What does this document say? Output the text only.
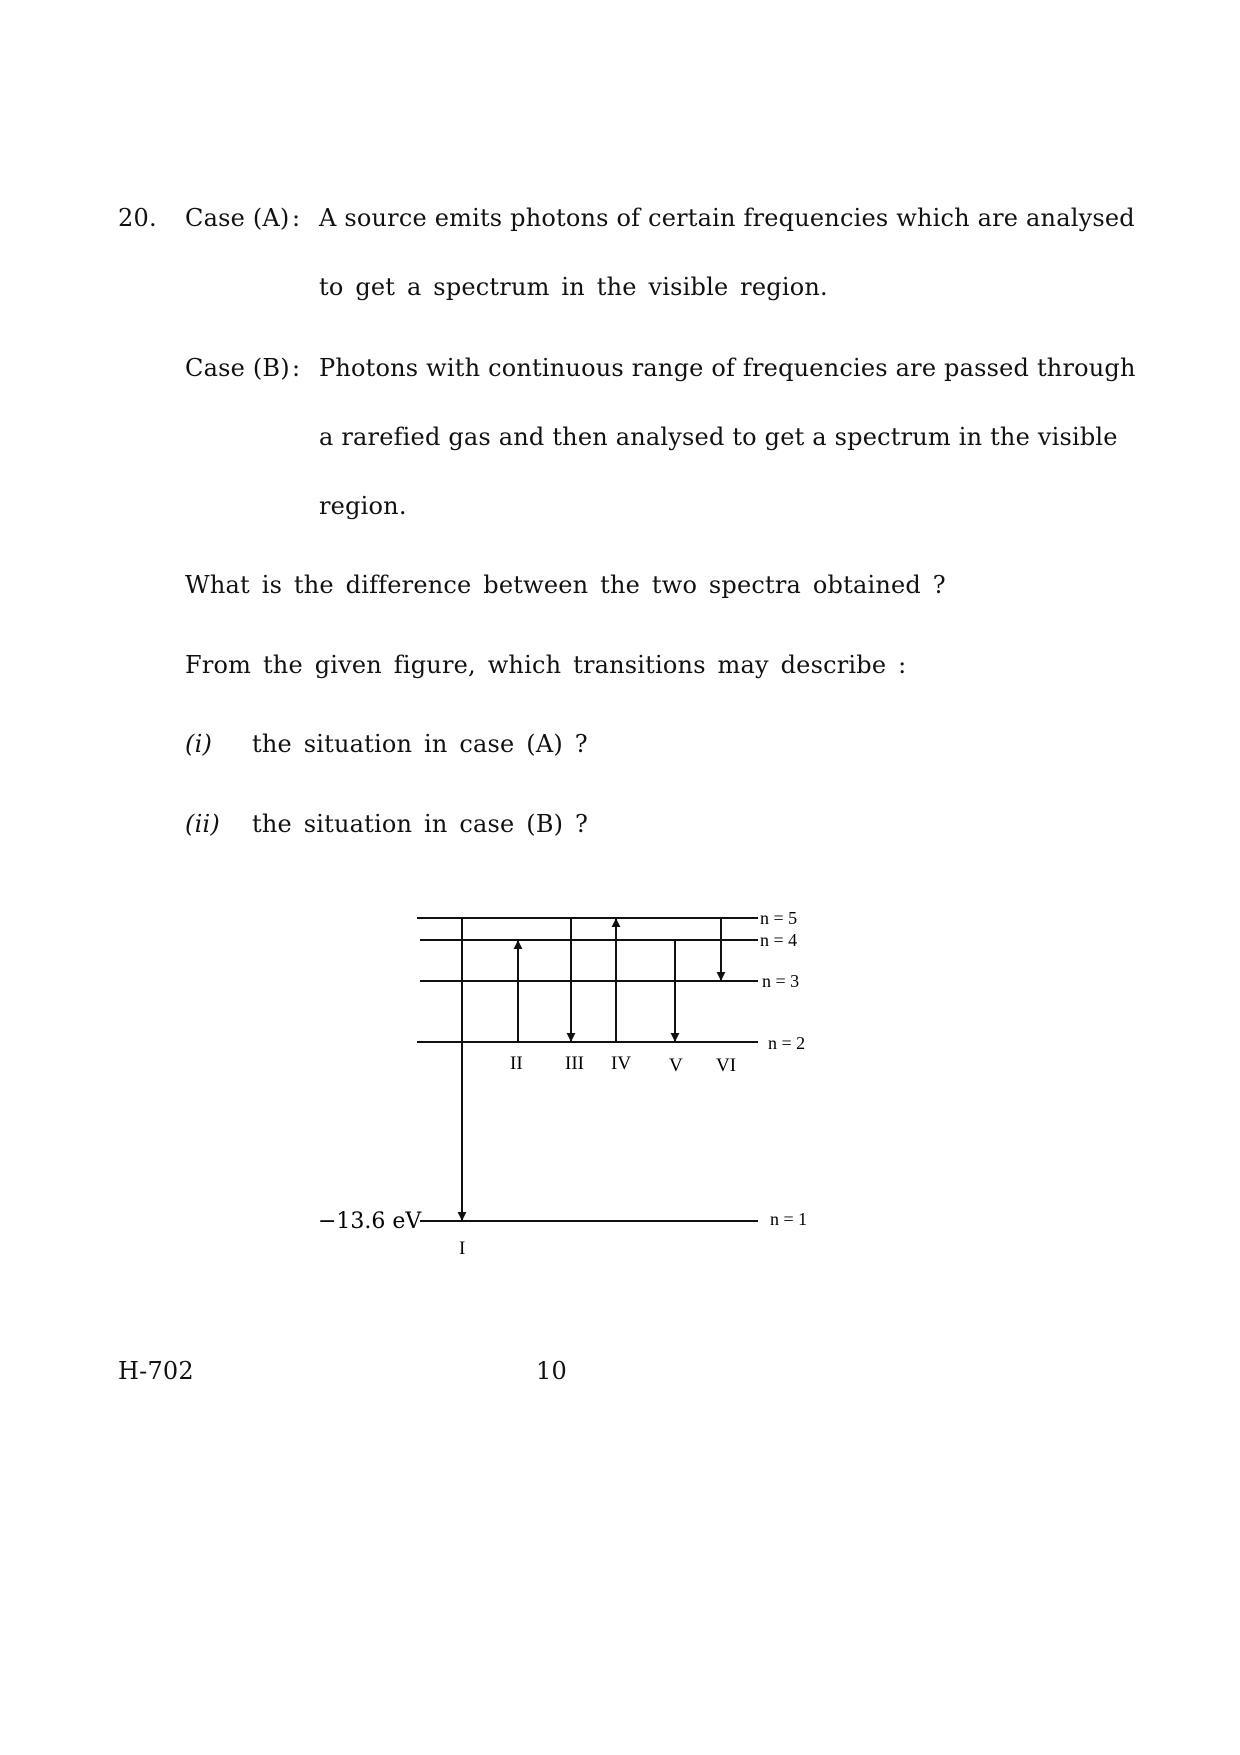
20. Case (A) : A source emits photons of certain frequencies which are analysed
to get a spectrum in the visible region.
Case (B) : Photons with continuous range of frequencies are passed through
a rarefied gas and then analysed to get a spectrum in the visible
region.
What is the difference between the two spectra obtained ?
From the given figure, which transitions may describe :
(i) the situation in case (A) ?
(ii) the situation in case (B) ?
n = 5
n = 4
n = 3
n = 2
n = 1
II III IV V VI
I
−13.6 eV
H-702	10
